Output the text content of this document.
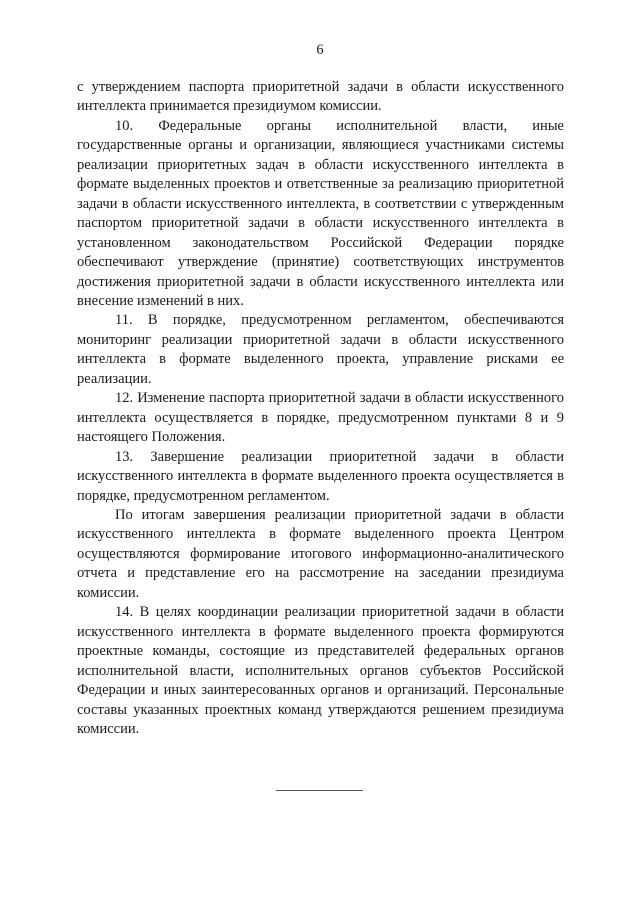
6

с утверждением паспорта приоритетной задачи в области искусственного интеллекта принимается президиумом комиссии.

10. Федеральные органы исполнительной власти, иные государственные органы и организации, являющиеся участниками системы реализации приоритетных задач в области искусственного интеллекта в формате выделенных проектов и ответственные за реализацию приоритетной задачи в области искусственного интеллекта, в соответствии с утвержденным паспортом приоритетной задачи в области искусственного интеллекта в установленном законодательством Российской Федерации порядке обеспечивают утверждение (принятие) соответствующих инструментов достижения приоритетной задачи в области искусственного интеллекта или внесение изменений в них.

11. В порядке, предусмотренном регламентом, обеспечиваются мониторинг реализации приоритетной задачи в области искусственного интеллекта в формате выделенного проекта, управление рисками ее реализации.

12. Изменение паспорта приоритетной задачи в области искусственного интеллекта осуществляется в порядке, предусмотренном пунктами 8 и 9 настоящего Положения.

13. Завершение реализации приоритетной задачи в области искусственного интеллекта в формате выделенного проекта осуществляется в порядке, предусмотренном регламентом.

По итогам завершения реализации приоритетной задачи в области искусственного интеллекта в формате выделенного проекта Центром осуществляются формирование итогового информационно-аналитического отчета и представление его на рассмотрение на заседании президиума комиссии.

14. В целях координации реализации приоритетной задачи в области искусственного интеллекта в формате выделенного проекта формируются проектные команды, состоящие из представителей федеральных органов исполнительной власти, исполнительных органов субъектов Российской Федерации и иных заинтересованных органов и организаций. Персональные составы указанных проектных команд утверждаются решением президиума комиссии.
